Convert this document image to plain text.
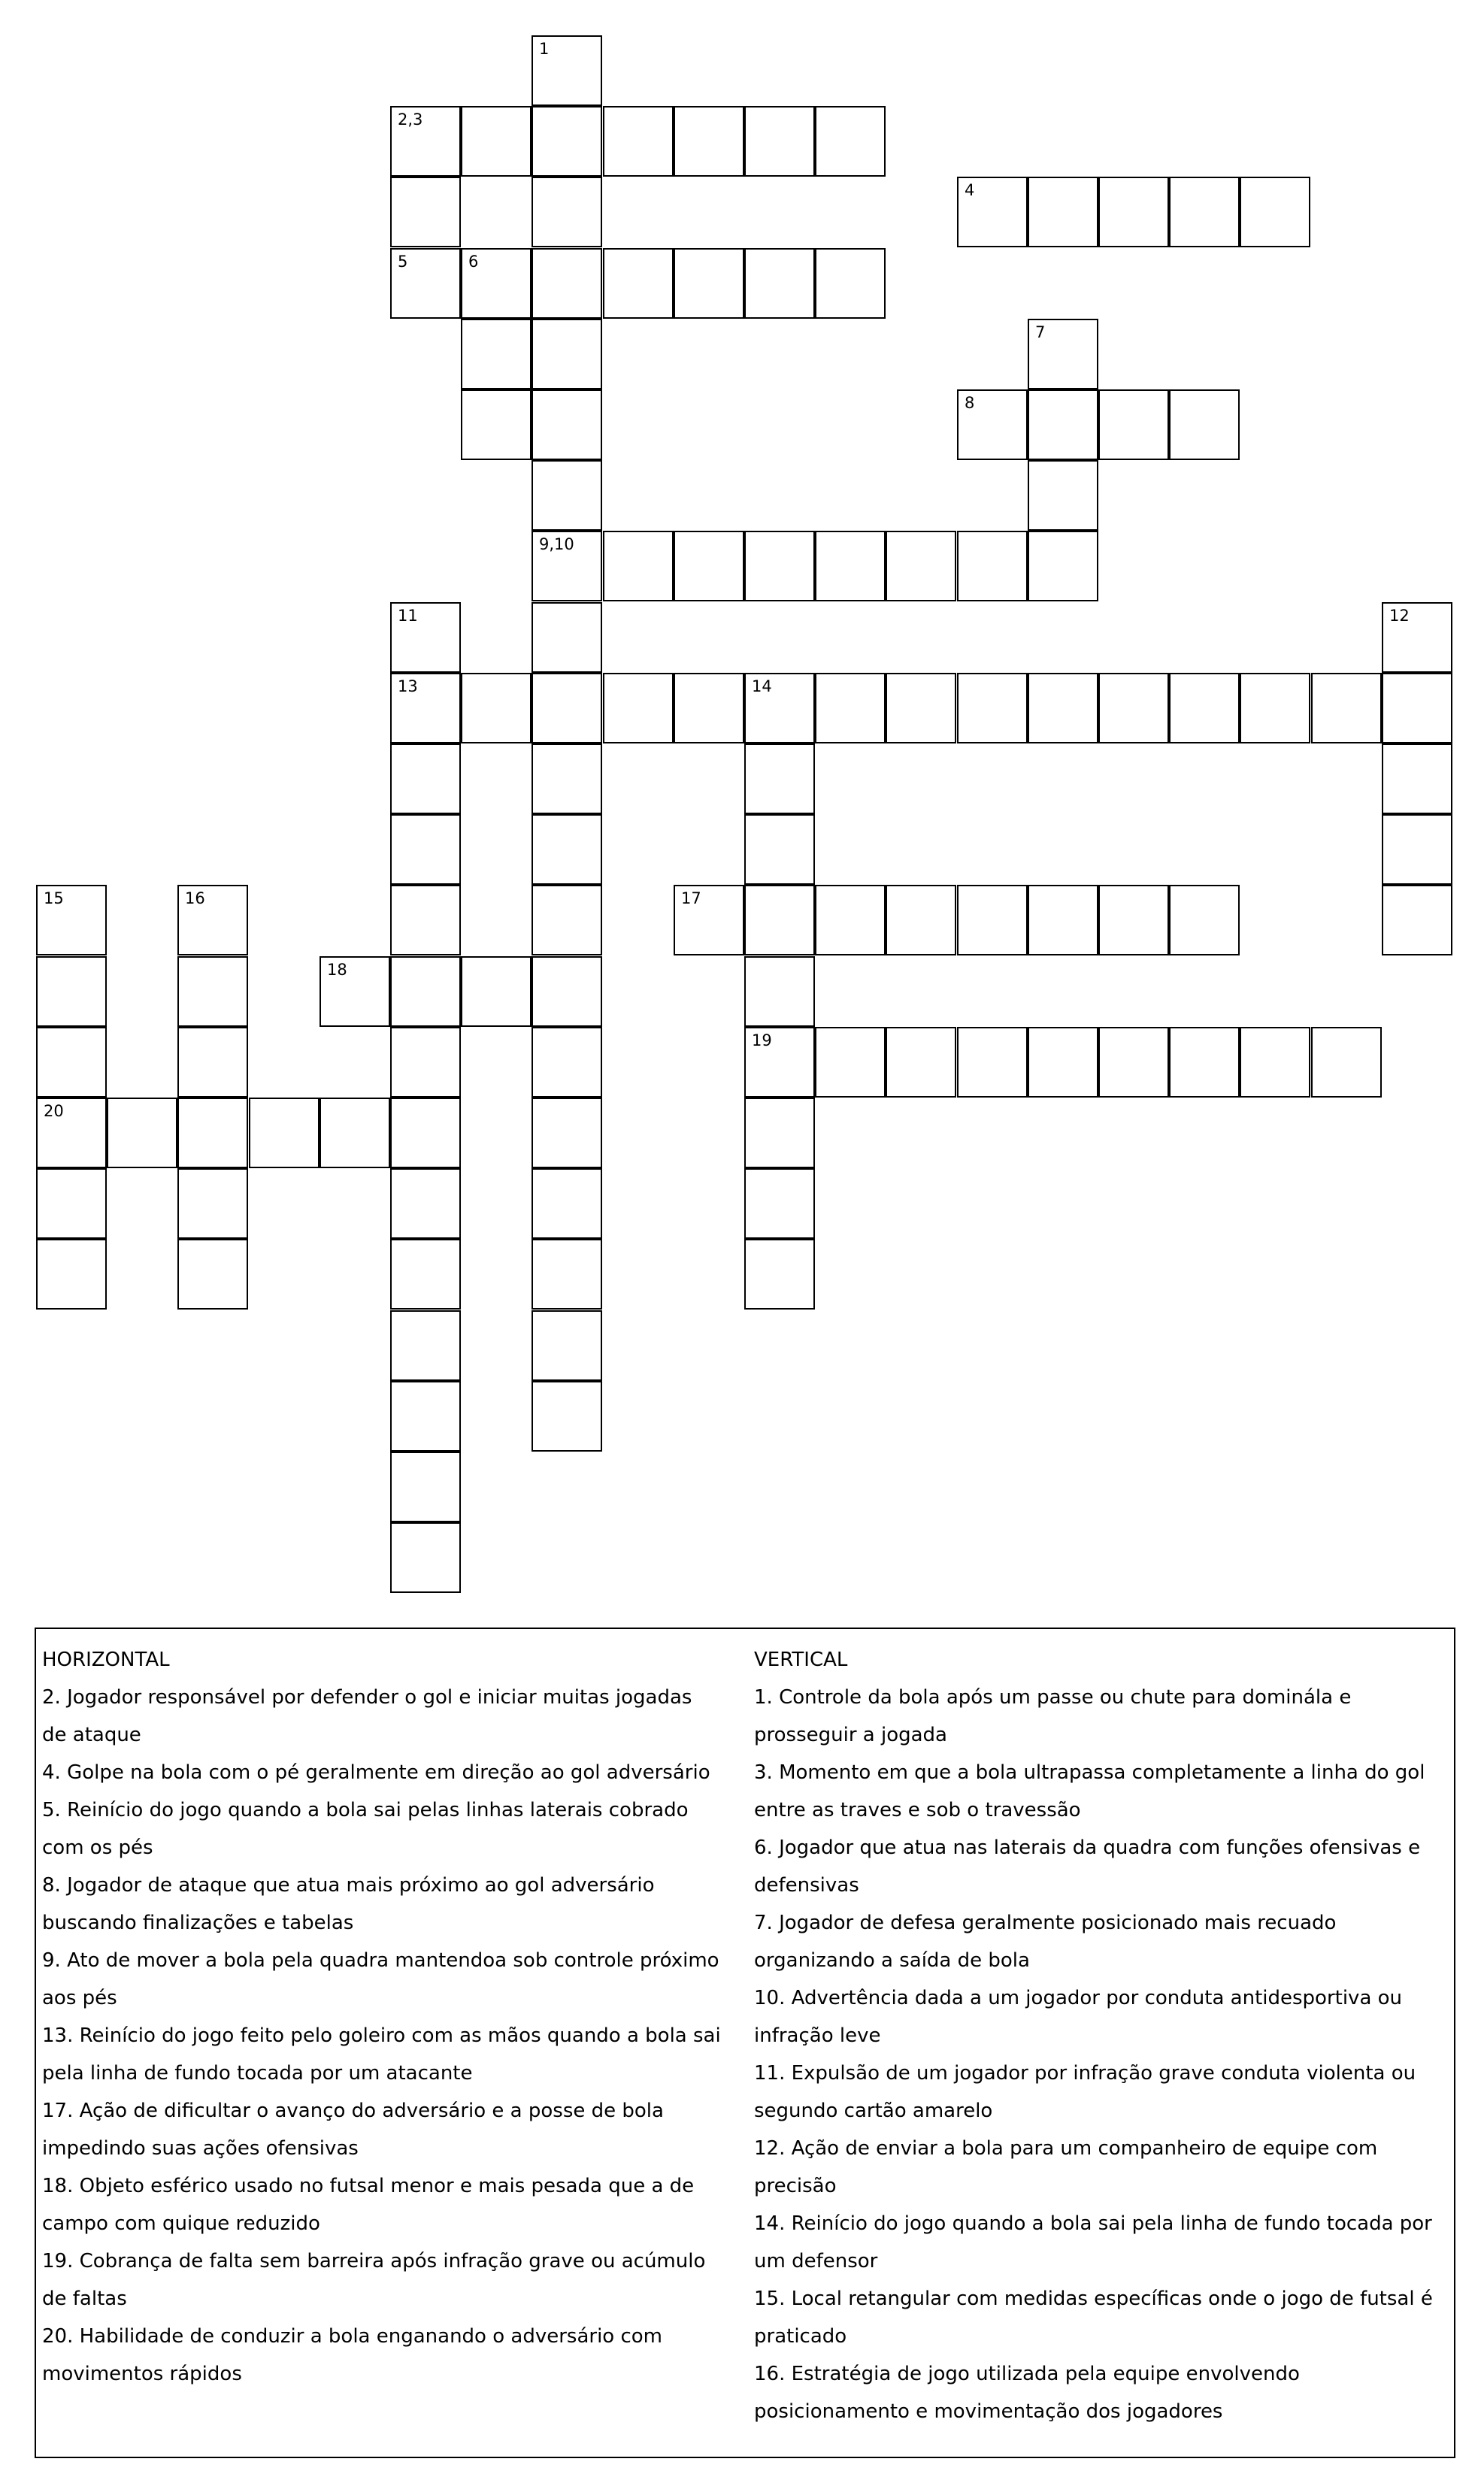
1
2,3
4
5	6
7
8
9,10
11	12
13	14
15	16	17
18
19
20
HORIZONTAL
2. Jogador responsável por defender o gol e iniciar muitas jogadas
de ataque
4. Golpe na bola com o pé geralmente em direção ao gol adversário
5. Reinício do jogo quando a bola sai pelas linhas laterais cobrado
com os pés
8. Jogador de ataque que atua mais próximo ao gol adversário
buscando finalizações e tabelas
9. Ato de mover a bola pela quadra mantendoa sob controle próximo
aos pés
13. Reinício do jogo feito pelo goleiro com as mãos quando a bola sai
pela linha de fundo tocada por um atacante
17. Ação de dificultar o avanço do adversário e a posse de bola
impedindo suas ações ofensivas
18. Objeto esférico usado no futsal menor e mais pesada que a de
campo com quique reduzido
19. Cobrança de falta sem barreira após infração grave ou acúmulo
de faltas
20. Habilidade de conduzir a bola enganando o adversário com
movimentos rápidos
VERTICAL
1. Controle da bola após um passe ou chute para dominála e
prosseguir a jogada
3. Momento em que a bola ultrapassa completamente a linha do gol
entre as traves e sob o travessão
6. Jogador que atua nas laterais da quadra com funções ofensivas e
defensivas
7. Jogador de defesa geralmente posicionado mais recuado
organizando a saída de bola
10. Advertência dada a um jogador por conduta antidesportiva ou
infração leve
11. Expulsão de um jogador por infração grave conduta violenta ou
segundo cartão amarelo
12. Ação de enviar a bola para um companheiro de equipe com
precisão
14. Reinício do jogo quando a bola sai pela linha de fundo tocada por
um defensor
15. Local retangular com medidas específicas onde o jogo de futsal é
praticado
16. Estratégia de jogo utilizada pela equipe envolvendo
posicionamento e movimentação dos jogadores
